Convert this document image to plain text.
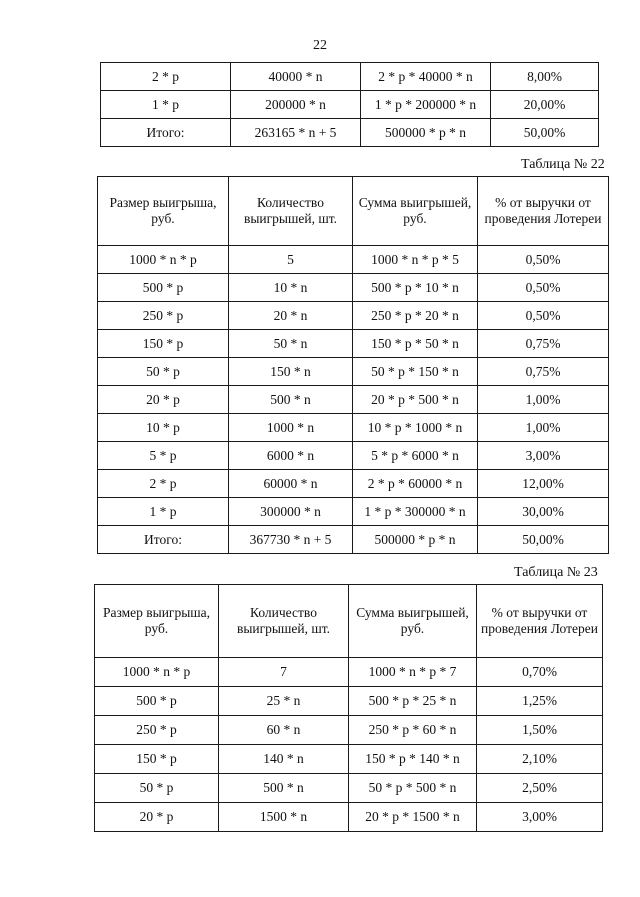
22
2 * р	40000 * n	2 * р * 40000 * n	8,00%
1 * р	200000 * n	1 * р * 200000 * n	20,00%
Итого:	263165 * n + 5	500000 * р * n	50,00%
Таблица № 22
Размер выигрыша, руб.	Количество выигрышей, шт.	Сумма выигрышей, руб.	% от выручки от проведения Лотереи
1000 * n * р	5	1000 * n * р * 5	0,50%
500 * р	10 * n	500 * р * 10 * n	0,50%
250 * р	20 * n	250 * р * 20 * n	0,50%
150 * р	50 * n	150 * р * 50 * n	0,75%
50 * р	150 * n	50 * р * 150 * n	0,75%
20 * р	500 * n	20 * р * 500 * n	1,00%
10 * р	1000 * n	10 * р * 1000 * n	1,00%
5 * р	6000 * n	5 * р * 6000 * n	3,00%
2 * р	60000 * n	2 * р * 60000 * n	12,00%
1 * р	300000 * n	1 * р * 300000 * n	30,00%
Итого:	367730 * n + 5	500000 * р * n	50,00%
Таблица № 23
Размер выигрыша, руб.	Количество выигрышей, шт.	Сумма выигрышей, руб.	% от выручки от проведения Лотереи
1000 * n * р	7	1000 * n * р * 7	0,70%
500 * р	25 * n	500 * р * 25 * n	1,25%
250 * р	60 * n	250 * р * 60 * n	1,50%
150 * р	140 * n	150 * р * 140 * n	2,10%
50 * р	500 * n	50 * р * 500 * n	2,50%
20 * р	1500 * n	20 * р * 1500 * n	3,00%
